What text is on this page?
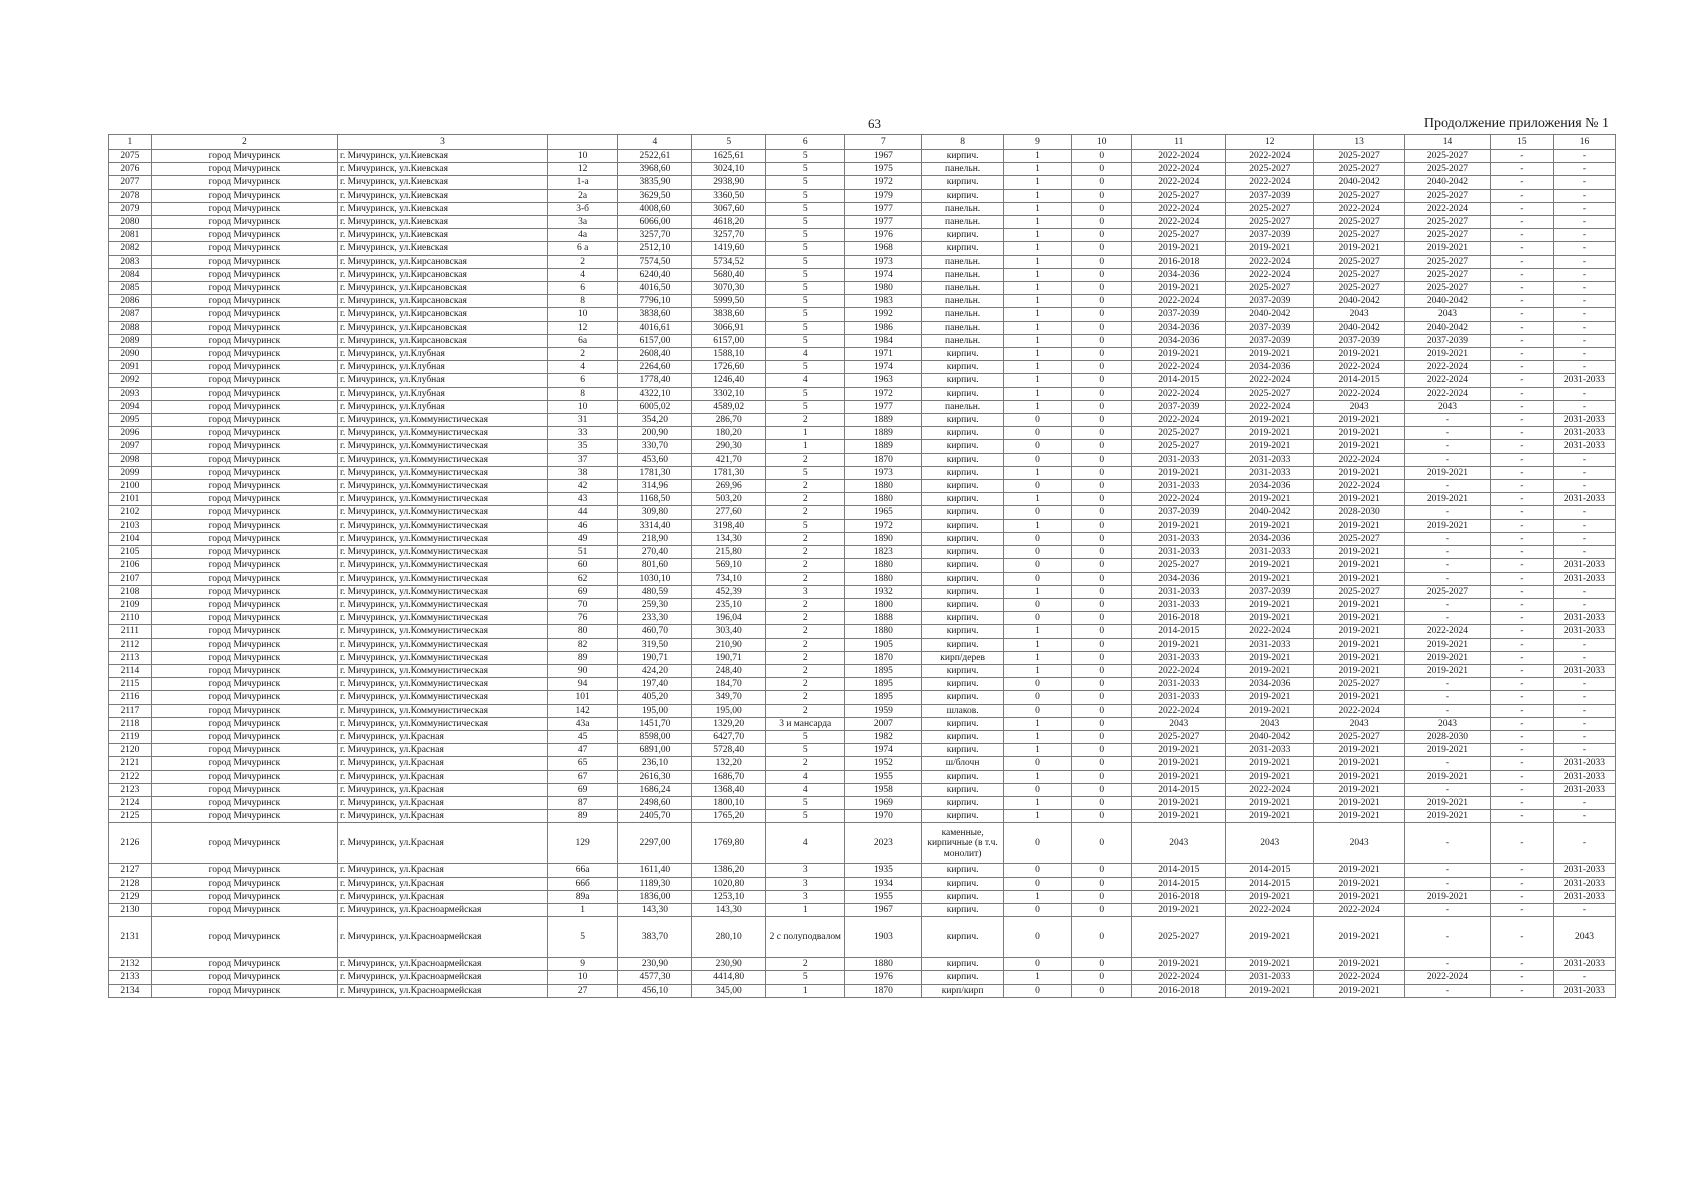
63	Продолжение приложения № 1
1	2	3		4	5	6	7	8	9	10	11	12	13	14	15	16
2075	город Мичуринск	г. Мичуринск, ул.Киевская	10	2522,61	1625,61	5	1967	кирпич.	1	0	2022-2024	2022-2024	2025-2027	2025-2027	-	-
2076	город Мичуринск	г. Мичуринск, ул.Киевская	12	3968,60	3024,10	5	1975	панельн.	1	0	2022-2024	2025-2027	2025-2027	2025-2027	-	-
2077	город Мичуринск	г. Мичуринск, ул.Киевская	1-а	3835,90	2938,90	5	1972	кирпич.	1	0	2022-2024	2022-2024	2040-2042	2040-2042	-	-
2078	город Мичуринск	г. Мичуринск, ул.Киевская	2а	3629,50	3360,50	5	1979	кирпич.	1	0	2025-2027	2037-2039	2025-2027	2025-2027	-	-
2079	город Мичуринск	г. Мичуринск, ул.Киевская	3-б	4008,60	3067,60	5	1977	панельн.	1	0	2022-2024	2025-2027	2022-2024	2022-2024	-	-
2080	город Мичуринск	г. Мичуринск, ул.Киевская	3а	6066,00	4618,20	5	1977	панельн.	1	0	2022-2024	2025-2027	2025-2027	2025-2027	-	-
2081	город Мичуринск	г. Мичуринск, ул.Киевская	4а	3257,70	3257,70	5	1976	кирпич.	1	0	2025-2027	2037-2039	2025-2027	2025-2027	-	-
2082	город Мичуринск	г. Мичуринск, ул.Киевская	6 а	2512,10	1419,60	5	1968	кирпич.	1	0	2019-2021	2019-2021	2019-2021	2019-2021	-	-
2083	город Мичуринск	г. Мичуринск, ул.Кирсановская	2	7574,50	5734,52	5	1973	панельн.	1	0	2016-2018	2022-2024	2025-2027	2025-2027	-	-
2084	город Мичуринск	г. Мичуринск, ул.Кирсановская	4	6240,40	5680,40	5	1974	панельн.	1	0	2034-2036	2022-2024	2025-2027	2025-2027	-	-
2085	город Мичуринск	г. Мичуринск, ул.Кирсановская	6	4016,50	3070,30	5	1980	панельн.	1	0	2019-2021	2025-2027	2025-2027	2025-2027	-	-
2086	город Мичуринск	г. Мичуринск, ул.Кирсановская	8	7796,10	5999,50	5	1983	панельн.	1	0	2022-2024	2037-2039	2040-2042	2040-2042	-	-
2087	город Мичуринск	г. Мичуринск, ул.Кирсановская	10	3838,60	3838,60	5	1992	панельн.	1	0	2037-2039	2040-2042	2043	2043	-	-
2088	город Мичуринск	г. Мичуринск, ул.Кирсановская	12	4016,61	3066,91	5	1986	панельн.	1	0	2034-2036	2037-2039	2040-2042	2040-2042	-	-
2089	город Мичуринск	г. Мичуринск, ул.Кирсановская	6а	6157,00	6157,00	5	1984	панельн.	1	0	2034-2036	2037-2039	2037-2039	2037-2039	-	-
2090	город Мичуринск	г. Мичуринск, ул.Клубная	2	2608,40	1588,10	4	1971	кирпич.	1	0	2019-2021	2019-2021	2019-2021	2019-2021	-	-
2091	город Мичуринск	г. Мичуринск, ул.Клубная	4	2264,60	1726,60	5	1974	кирпич.	1	0	2022-2024	2034-2036	2022-2024	2022-2024	-	-
2092	город Мичуринск	г. Мичуринск, ул.Клубная	6	1778,40	1246,40	4	1963	кирпич.	1	0	2014-2015	2022-2024	2014-2015	2022-2024	-	2031-2033
2093	город Мичуринск	г. Мичуринск, ул.Клубная	8	4322,10	3302,10	5	1972	кирпич.	1	0	2022-2024	2025-2027	2022-2024	2022-2024	-	-
2094	город Мичуринск	г. Мичуринск, ул.Клубная	10	6005,02	4589,02	5	1977	панельн.	1	0	2037-2039	2022-2024	2043	2043	-	-
2095	город Мичуринск	г. Мичуринск, ул.Коммунистическая	31	354,20	286,70	2	1889	кирпич.	0	0	2022-2024	2019-2021	2019-2021	-	-	2031-2033
2096	город Мичуринск	г. Мичуринск, ул.Коммунистическая	33	200,90	180,20	1	1889	кирпич.	0	0	2025-2027	2019-2021	2019-2021	-	-	2031-2033
2097	город Мичуринск	г. Мичуринск, ул.Коммунистическая	35	330,70	290,30	1	1889	кирпич.	0	0	2025-2027	2019-2021	2019-2021	-	-	2031-2033
2098	город Мичуринск	г. Мичуринск, ул.Коммунистическая	37	453,60	421,70	2	1870	кирпич.	0	0	2031-2033	2031-2033	2022-2024	-	-	-
2099	город Мичуринск	г. Мичуринск, ул.Коммунистическая	38	1781,30	1781,30	5	1973	кирпич.	1	0	2019-2021	2031-2033	2019-2021	2019-2021	-	-
2100	город Мичуринск	г. Мичуринск, ул.Коммунистическая	42	314,96	269,96	2	1880	кирпич.	0	0	2031-2033	2034-2036	2022-2024	-	-	-
2101	город Мичуринск	г. Мичуринск, ул.Коммунистическая	43	1168,50	503,20	2	1880	кирпич.	1	0	2022-2024	2019-2021	2019-2021	2019-2021	-	2031-2033
2102	город Мичуринск	г. Мичуринск, ул.Коммунистическая	44	309,80	277,60	2	1965	кирпич.	0	0	2037-2039	2040-2042	2028-2030	-	-	-
2103	город Мичуринск	г. Мичуринск, ул.Коммунистическая	46	3314,40	3198,40	5	1972	кирпич.	1	0	2019-2021	2019-2021	2019-2021	2019-2021	-	-
2104	город Мичуринск	г. Мичуринск, ул.Коммунистическая	49	218,90	134,30	2	1890	кирпич.	0	0	2031-2033	2034-2036	2025-2027	-	-	-
2105	город Мичуринск	г. Мичуринск, ул.Коммунистическая	51	270,40	215,80	2	1823	кирпич.	0	0	2031-2033	2031-2033	2019-2021	-	-	-
2106	город Мичуринск	г. Мичуринск, ул.Коммунистическая	60	801,60	569,10	2	1880	кирпич.	0	0	2025-2027	2019-2021	2019-2021	-	-	2031-2033
2107	город Мичуринск	г. Мичуринск, ул.Коммунистическая	62	1030,10	734,10	2	1880	кирпич.	0	0	2034-2036	2019-2021	2019-2021	-	-	2031-2033
2108	город Мичуринск	г. Мичуринск, ул.Коммунистическая	69	480,59	452,39	3	1932	кирпич.	1	0	2031-2033	2037-2039	2025-2027	2025-2027	-	-
2109	город Мичуринск	г. Мичуринск, ул.Коммунистическая	70	259,30	235,10	2	1800	кирпич.	0	0	2031-2033	2019-2021	2019-2021	-	-	-
2110	город Мичуринск	г. Мичуринск, ул.Коммунистическая	76	233,30	196,04	2	1888	кирпич.	0	0	2016-2018	2019-2021	2019-2021	-	-	2031-2033
2111	город Мичуринск	г. Мичуринск, ул.Коммунистическая	80	460,70	303,40	2	1880	кирпич.	1	0	2014-2015	2022-2024	2019-2021	2022-2024	-	2031-2033
2112	город Мичуринск	г. Мичуринск, ул.Коммунистическая	82	319,50	210,90	2	1905	кирпич.	1	0	2019-2021	2031-2033	2019-2021	2019-2021	-	-
2113	город Мичуринск	г. Мичуринск, ул.Коммунистическая	89	190,71	190,71	2	1870	кирп/дерев	1	0	2031-2033	2019-2021	2019-2021	2019-2021	-	-
2114	город Мичуринск	г. Мичуринск, ул.Коммунистическая	90	424,20	248,40	2	1895	кирпич.	1	0	2022-2024	2019-2021	2019-2021	2019-2021	-	2031-2033
2115	город Мичуринск	г. Мичуринск, ул.Коммунистическая	94	197,40	184,70	2	1895	кирпич.	0	0	2031-2033	2034-2036	2025-2027	-	-	-
2116	город Мичуринск	г. Мичуринск, ул.Коммунистическая	101	405,20	349,70	2	1895	кирпич.	0	0	2031-2033	2019-2021	2019-2021	-	-	-
2117	город Мичуринск	г. Мичуринск, ул.Коммунистическая	142	195,00	195,00	2	1959	шлаков.	0	0	2022-2024	2019-2021	2022-2024	-	-	-
2118	город Мичуринск	г. Мичуринск, ул.Коммунистическая	43а	1451,70	1329,20	3 и мансарда	2007	кирпич.	1	0	2043	2043	2043	2043	-	-
2119	город Мичуринск	г. Мичуринск, ул.Красная	45	8598,00	6427,70	5	1982	кирпич.	1	0	2025-2027	2040-2042	2025-2027	2028-2030	-	-
2120	город Мичуринск	г. Мичуринск, ул.Красная	47	6891,00	5728,40	5	1974	кирпич.	1	0	2019-2021	2031-2033	2019-2021	2019-2021	-	-
2121	город Мичуринск	г. Мичуринск, ул.Красная	65	236,10	132,20	2	1952	ш/блочн	0	0	2019-2021	2019-2021	2019-2021	-	-	2031-2033
2122	город Мичуринск	г. Мичуринск, ул.Красная	67	2616,30	1686,70	4	1955	кирпич.	1	0	2019-2021	2019-2021	2019-2021	2019-2021	-	2031-2033
2123	город Мичуринск	г. Мичуринск, ул.Красная	69	1686,24	1368,40	4	1958	кирпич.	0	0	2014-2015	2022-2024	2019-2021	-	-	2031-2033
2124	город Мичуринск	г. Мичуринск, ул.Красная	87	2498,60	1800,10	5	1969	кирпич.	1	0	2019-2021	2019-2021	2019-2021	2019-2021	-	-
2125	город Мичуринск	г. Мичуринск, ул.Красная	89	2405,70	1765,20	5	1970	кирпич.	1	0	2019-2021	2019-2021	2019-2021	2019-2021	-	-
2126	город Мичуринск	г. Мичуринск, ул.Красная	129	2297,00	1769,80	4	2023	каменные, кирпичные (в т.ч. монолит)	0	0	2043	2043	2043	-	-	-
2127	город Мичуринск	г. Мичуринск, ул.Красная	66а	1611,40	1386,20	3	1935	кирпич.	0	0	2014-2015	2014-2015	2019-2021	-	-	2031-2033
2128	город Мичуринск	г. Мичуринск, ул.Красная	66б	1189,30	1020,80	3	1934	кирпич.	0	0	2014-2015	2014-2015	2019-2021	-	-	2031-2033
2129	город Мичуринск	г. Мичуринск, ул.Красная	89а	1836,00	1253,10	3	1955	кирпич.	1	0	2016-2018	2019-2021	2019-2021	2019-2021	-	2031-2033
2130	город Мичуринск	г. Мичуринск, ул.Красноармейская	1	143,30	143,30	1	1967	кирпич.	0	0	2019-2021	2022-2024	2022-2024	-	-	-
2131	город Мичуринск	г. Мичуринск, ул.Красноармейская	5	383,70	280,10	2 с полуподвалом	1903	кирпич.	0	0	2025-2027	2019-2021	2019-2021	-	-	2043
2132	город Мичуринск	г. Мичуринск, ул.Красноармейская	9	230,90	230,90	2	1880	кирпич.	0	0	2019-2021	2019-2021	2019-2021	-	-	2031-2033
2133	город Мичуринск	г. Мичуринск, ул.Красноармейская	10	4577,30	4414,80	5	1976	кирпич.	1	0	2022-2024	2031-2033	2022-2024	2022-2024	-	-
2134	город Мичуринск	г. Мичуринск, ул.Красноармейская	27	456,10	345,00	1	1870	кирп/кирп	0	0	2016-2018	2019-2021	2019-2021	-	-	2031-2033
